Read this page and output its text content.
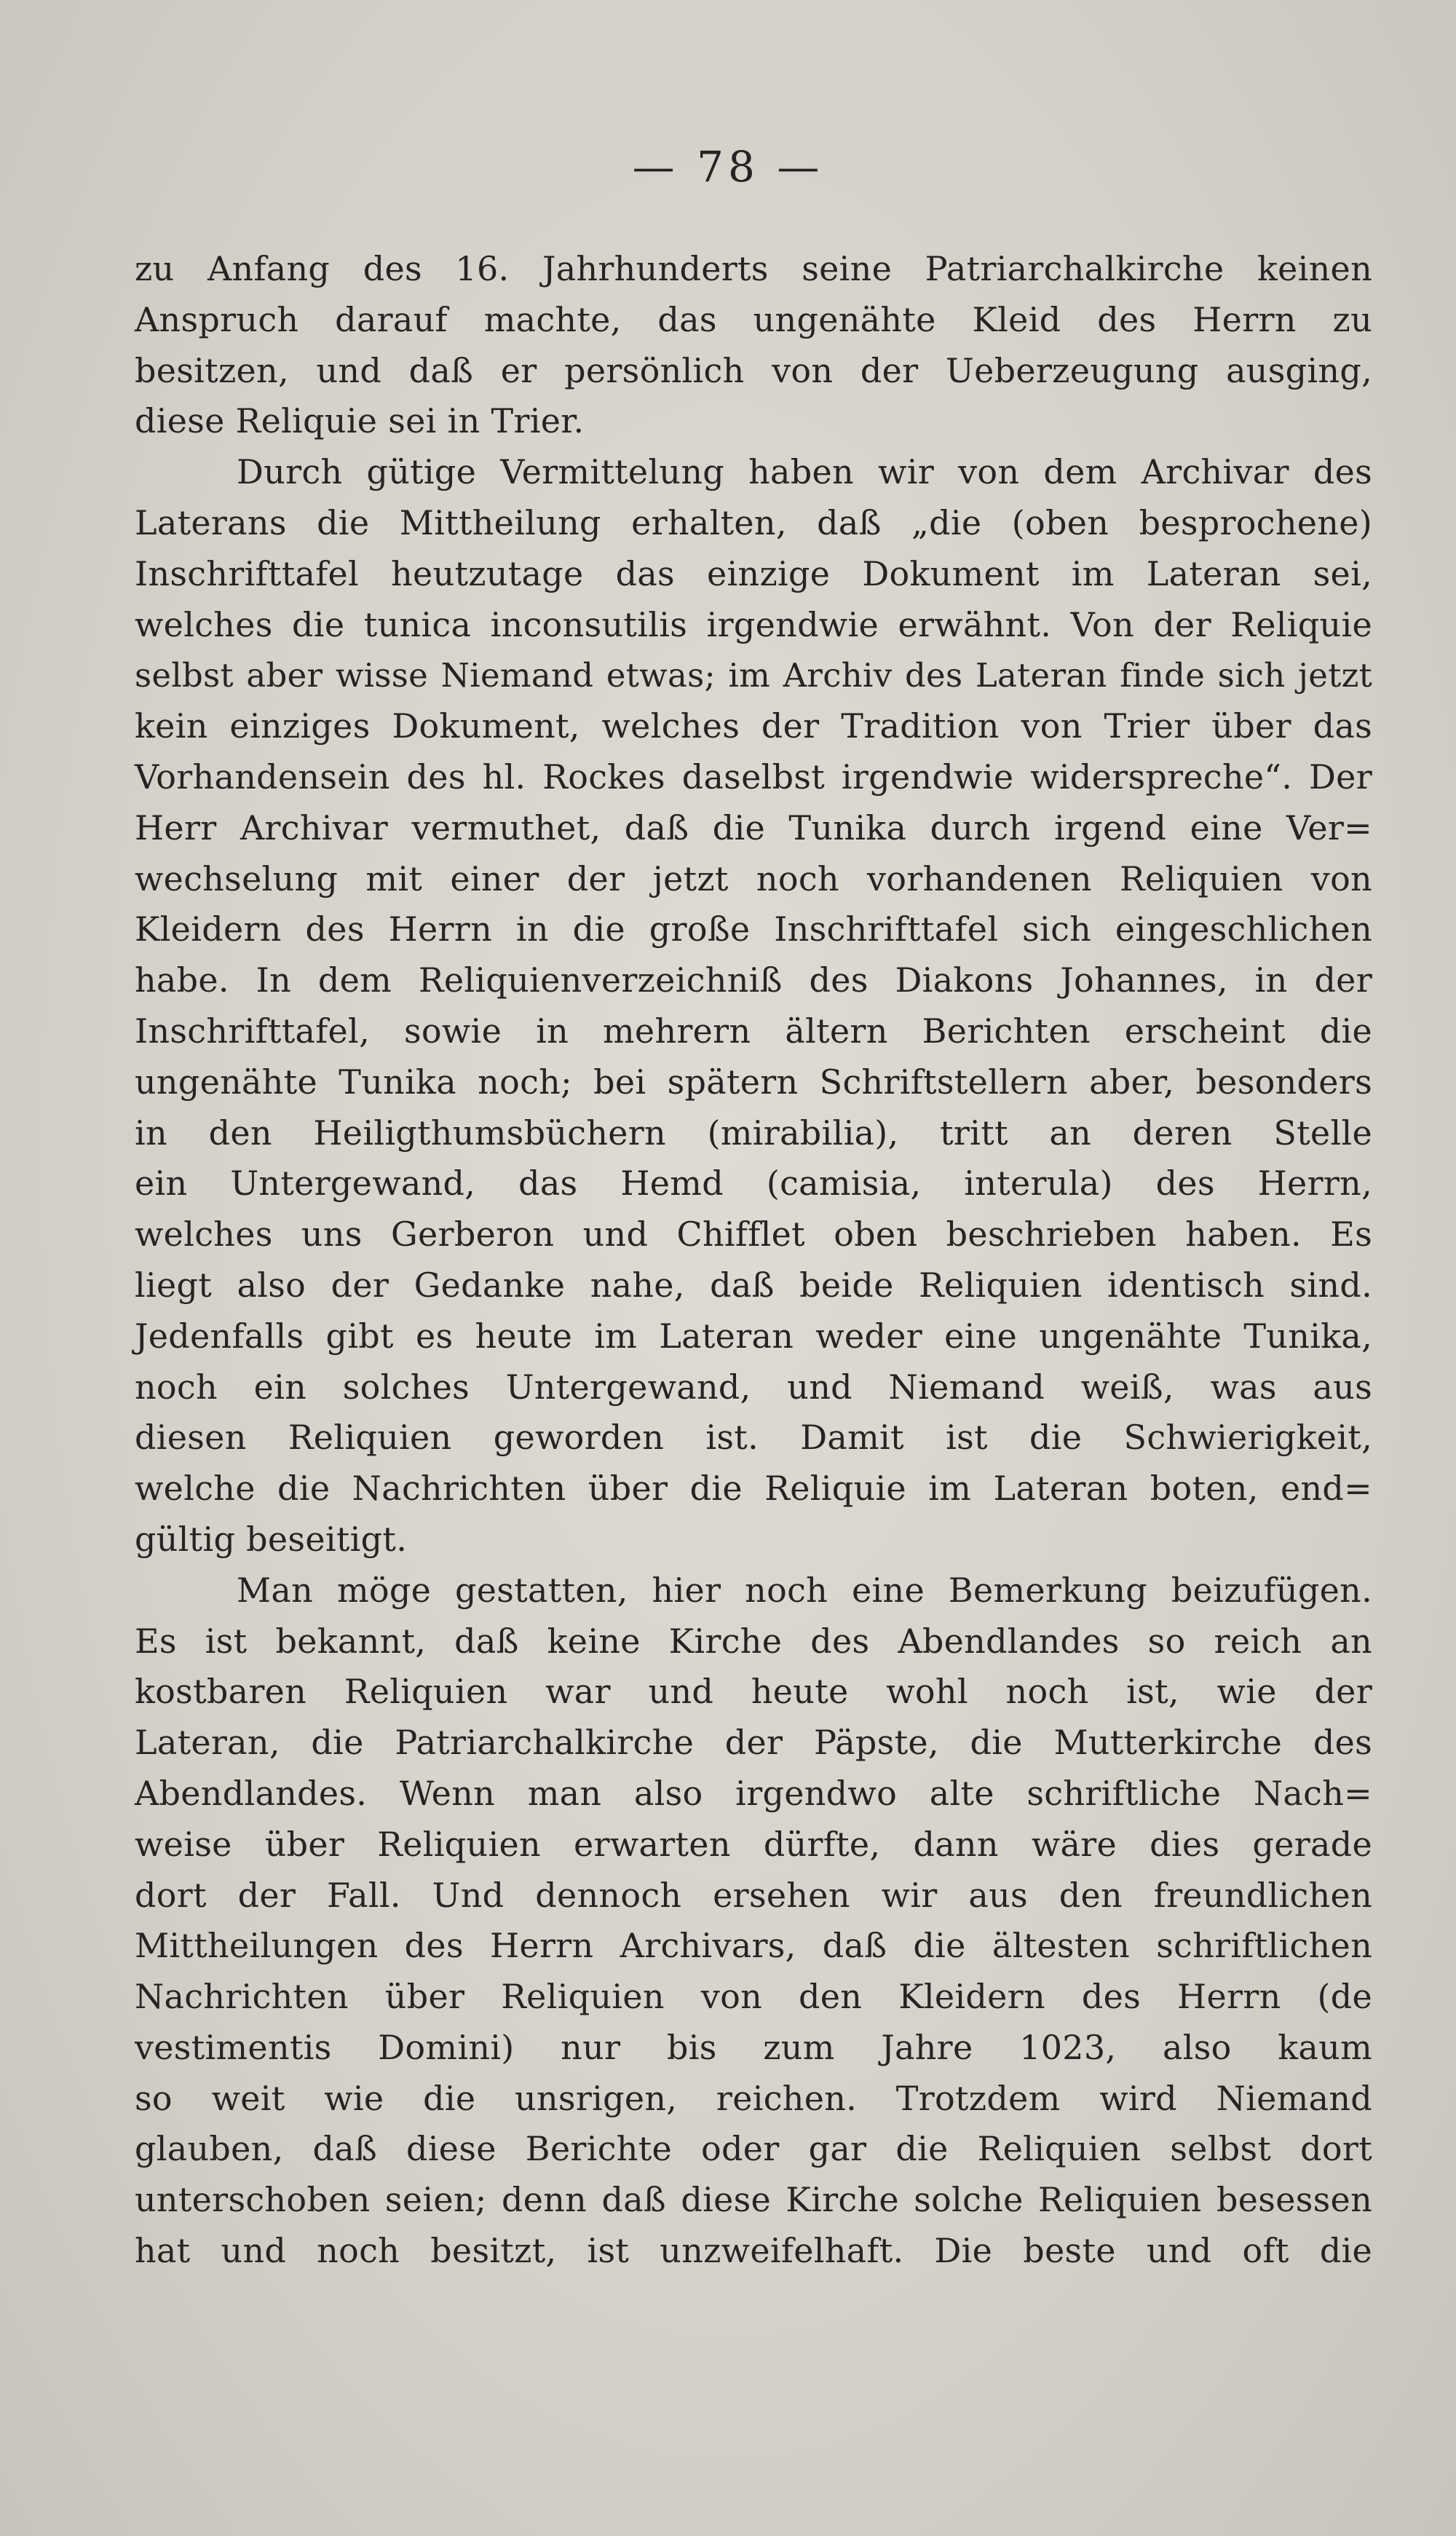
— 78 —
zu Anfang des 16. Jahrhunderts seine Patriarchalkirche keinen
Anspruch darauf machte, das ungenähte Kleid des Herrn zu
besitzen, und daß er persönlich von der Ueberzeugung ausging,
diese Reliquie sei in Trier.
Durch gütige Vermittelung haben wir von dem Archivar des
Laterans die Mittheilung erhalten, daß „die (oben besprochene)
Inschrifttafel heutzutage das einzige Dokument im Lateran sei,
welches die tunica inconsutilis irgendwie erwähnt. Von der Reliquie
selbst aber wisse Niemand etwas; im Archiv des Lateran finde sich jetzt
kein einziges Dokument, welches der Tradition von Trier über das
Vorhandensein des hl. Rockes daselbst irgendwie widerspreche“. Der
Herr Archivar vermuthet, daß die Tunika durch irgend eine Ver=
wechselung mit einer der jetzt noch vorhandenen Reliquien von
Kleidern des Herrn in die große Inschrifttafel sich eingeschlichen
habe. In dem Reliquienverzeichniß des Diakons Johannes, in der
Inschrifttafel, sowie in mehrern ältern Berichten erscheint die
ungenähte Tunika noch; bei spätern Schriftstellern aber, besonders
in den Heiligthumsbüchern (mirabilia), tritt an deren Stelle
ein Untergewand, das Hemd (camisia, interula) des Herrn,
welches uns Gerberon und Chifflet oben beschrieben haben. Es
liegt also der Gedanke nahe, daß beide Reliquien identisch sind.
Jedenfalls gibt es heute im Lateran weder eine ungenähte Tunika,
noch ein solches Untergewand, und Niemand weiß, was aus
diesen Reliquien geworden ist. Damit ist die Schwierigkeit,
welche die Nachrichten über die Reliquie im Lateran boten, end=
gültig beseitigt.
Man möge gestatten, hier noch eine Bemerkung beizufügen.
Es ist bekannt, daß keine Kirche des Abendlandes so reich an
kostbaren Reliquien war und heute wohl noch ist, wie der
Lateran, die Patriarchalkirche der Päpste, die Mutterkirche des
Abendlandes. Wenn man also irgendwo alte schriftliche Nach=
weise über Reliquien erwarten dürfte, dann wäre dies gerade
dort der Fall. Und dennoch ersehen wir aus den freundlichen
Mittheilungen des Herrn Archivars, daß die ältesten schriftlichen
Nachrichten über Reliquien von den Kleidern des Herrn (de
vestimentis Domini) nur bis zum Jahre 1023, also kaum
so weit wie die unsrigen, reichen. Trotzdem wird Niemand
glauben, daß diese Berichte oder gar die Reliquien selbst dort
unterschoben seien; denn daß diese Kirche solche Reliquien besessen
hat und noch besitzt, ist unzweifelhaft. Die beste und oft die
